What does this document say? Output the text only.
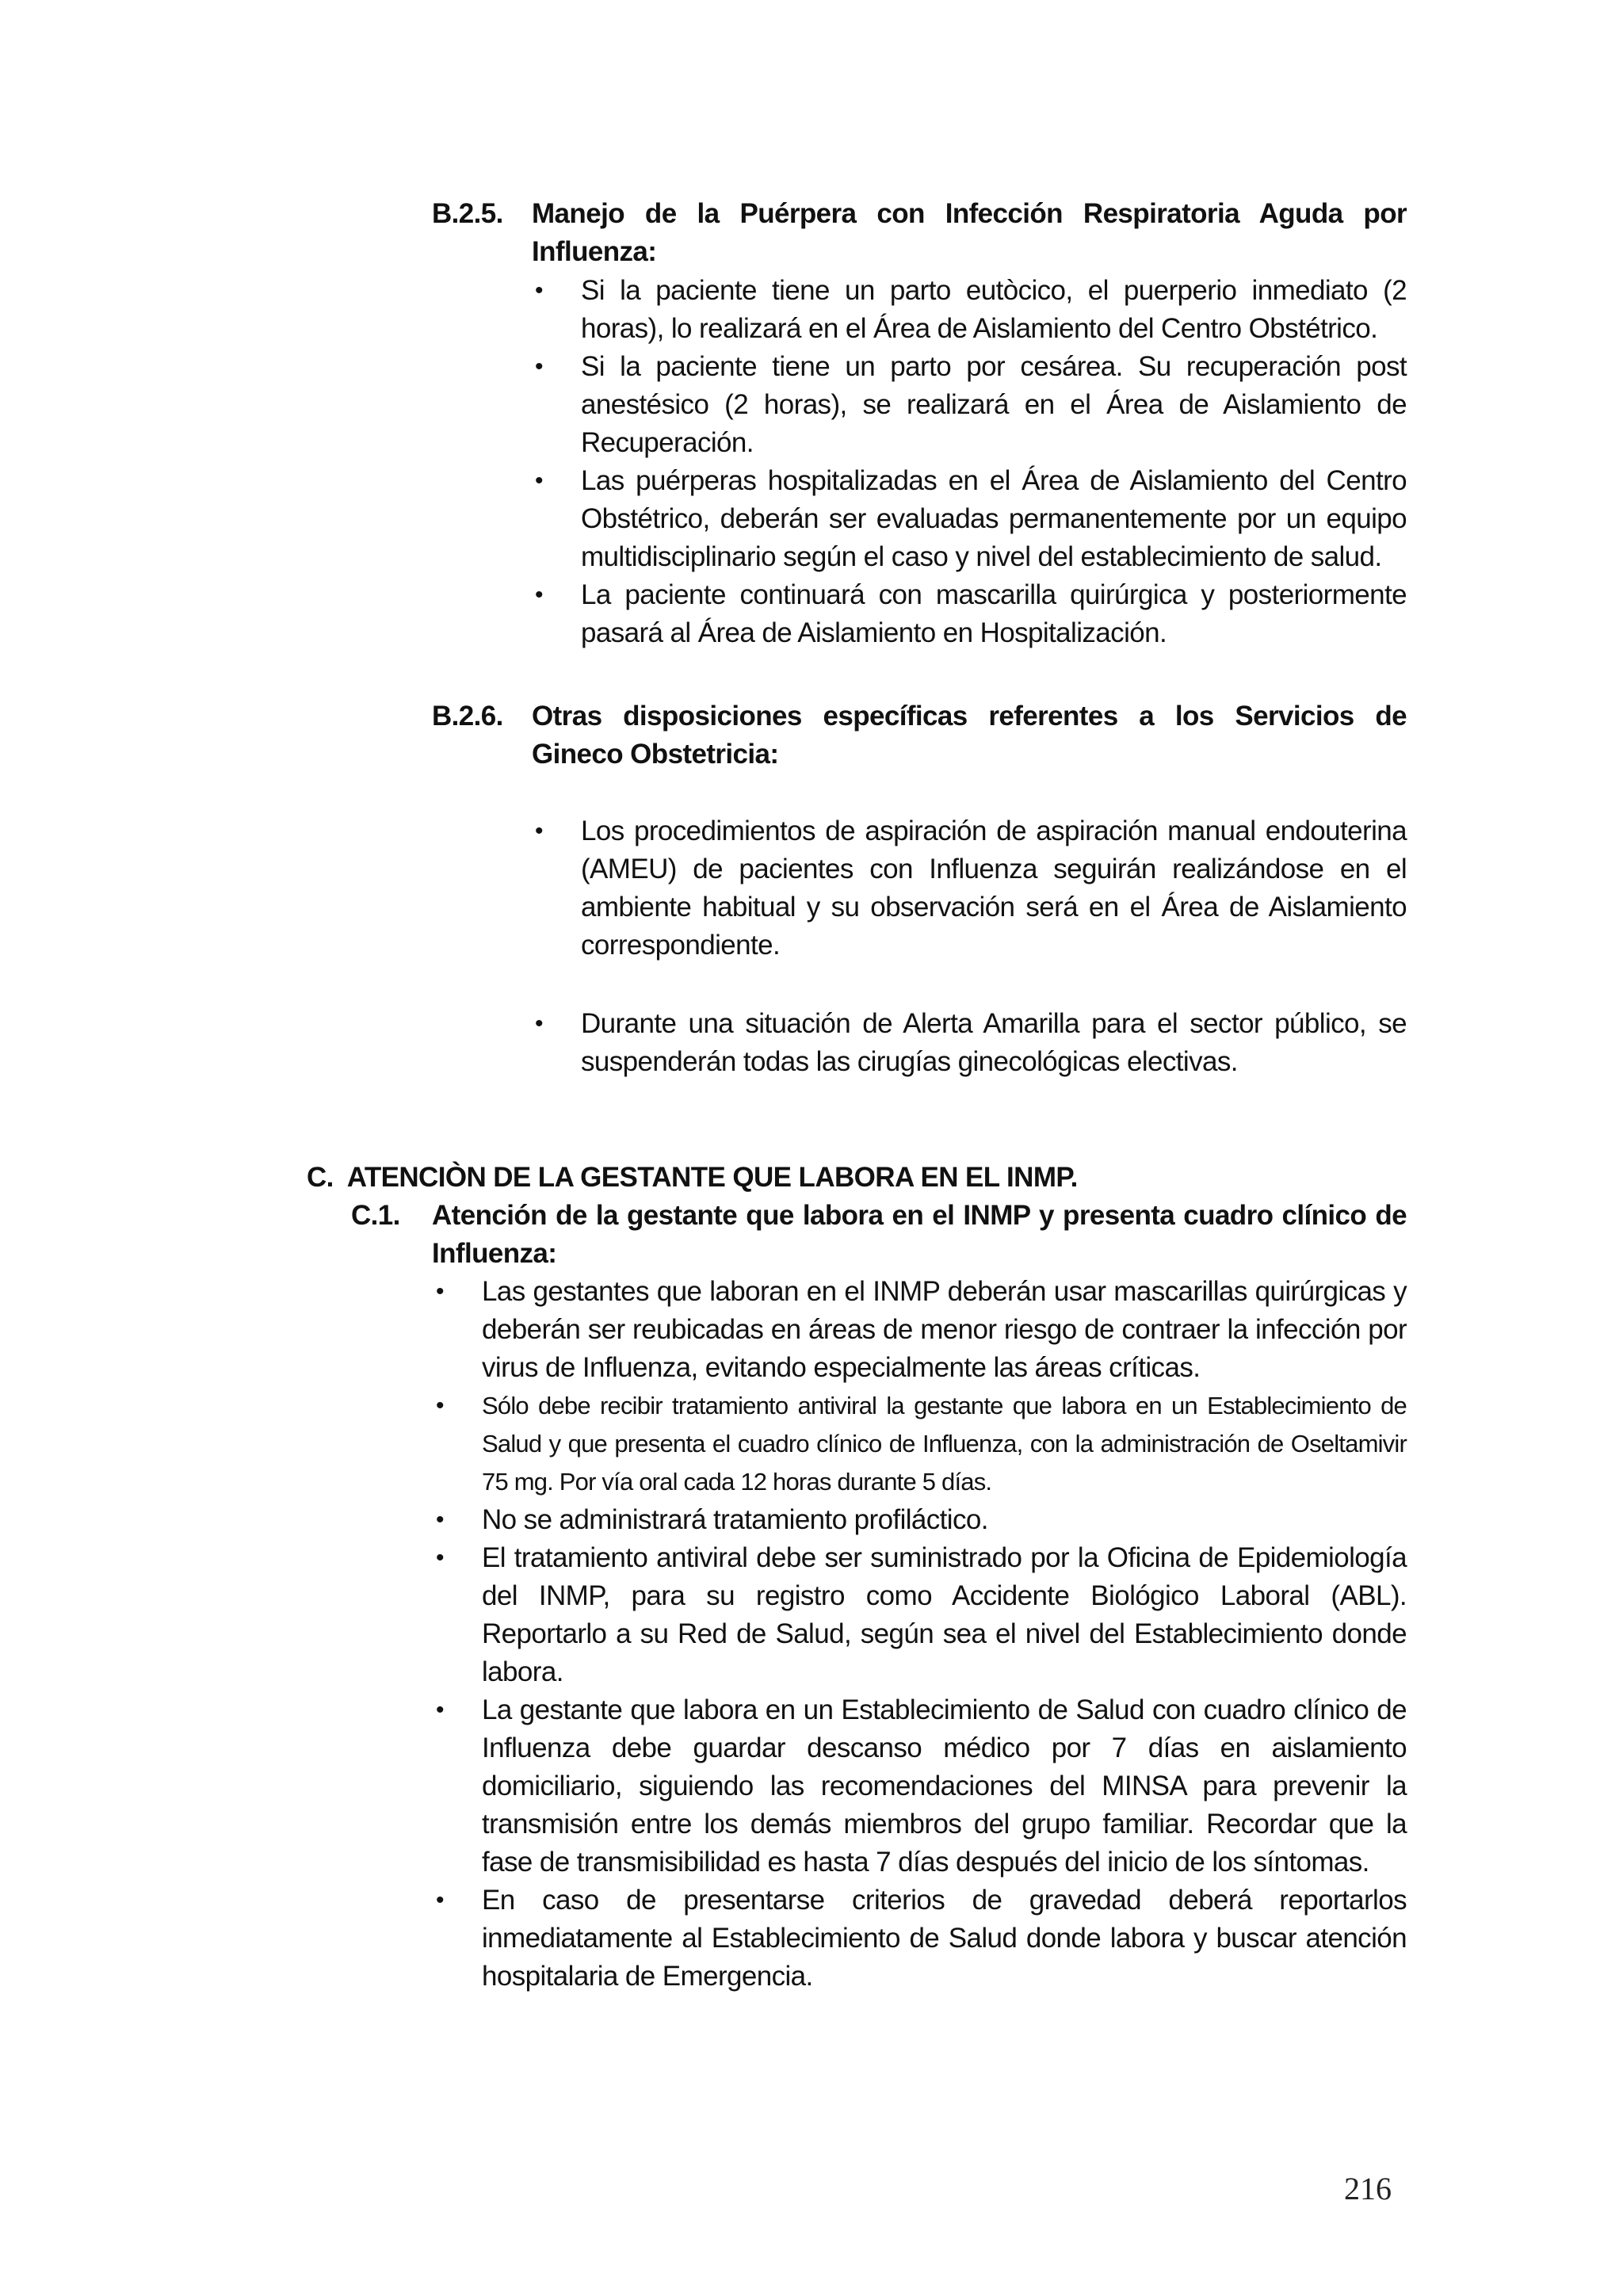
B.2.5.	Manejo de la Puérpera con Infección Respiratoria Aguda por Influenza:
• Si la paciente tiene un parto eutòcico, el puerperio inmediato (2 horas), lo realizará en el Área de Aislamiento del Centro Obstétrico.
• Si la paciente tiene un parto por cesárea. Su recuperación post anestésico (2 horas), se realizará en el Área de Aislamiento de Recuperación.
• Las puérperas hospitalizadas en el Área de Aislamiento del Centro Obstétrico, deberán ser evaluadas permanentemente por un equipo multidisciplinario según el caso y nivel del establecimiento de salud.
• La paciente continuará con mascarilla quirúrgica y posteriormente pasará al Área de Aislamiento en Hospitalización.
B.2.6.	Otras disposiciones específicas referentes a los Servicios de Gineco Obstetricia:
• Los procedimientos de aspiración de aspiración manual endouterina (AMEU) de pacientes con Influenza seguirán realizándose en el ambiente habitual y su observación será en el Área de Aislamiento correspondiente.
• Durante una situación de Alerta Amarilla para el sector público, se suspenderán todas las cirugías ginecológicas electivas.
C.  ATENCIÒN DE LA GESTANTE QUE LABORA EN EL INMP.
C.1.	Atención de la gestante que labora en el INMP y presenta cuadro clínico de Influenza:
• Las gestantes que laboran en el INMP deberán usar mascarillas quirúrgicas y deberán ser reubicadas en áreas de menor riesgo de contraer la infección por virus de Influenza, evitando especialmente las áreas críticas.
• Sólo debe recibir tratamiento antiviral la gestante que labora en un Establecimiento de Salud y que presenta el cuadro clínico de Influenza, con la administración de Oseltamivir 75 mg. Por vía oral cada 12 horas durante 5 días.
• No se administrará tratamiento profiláctico.
• El tratamiento antiviral debe ser suministrado por la Oficina de Epidemiología del INMP, para su registro como Accidente Biológico Laboral (ABL). Reportarlo a su Red de Salud, según sea el nivel del Establecimiento donde labora.
• La gestante que labora en un Establecimiento de Salud con cuadro clínico de Influenza debe guardar descanso médico por 7 días en aislamiento domiciliario, siguiendo las recomendaciones del MINSA para prevenir la transmisión entre los demás miembros del grupo familiar. Recordar que la fase de transmisibilidad es hasta 7 días después del inicio de los síntomas.
• En caso de presentarse criterios de gravedad deberá reportarlos inmediatamente al Establecimiento de Salud donde labora y buscar atención hospitalaria de Emergencia.
216
